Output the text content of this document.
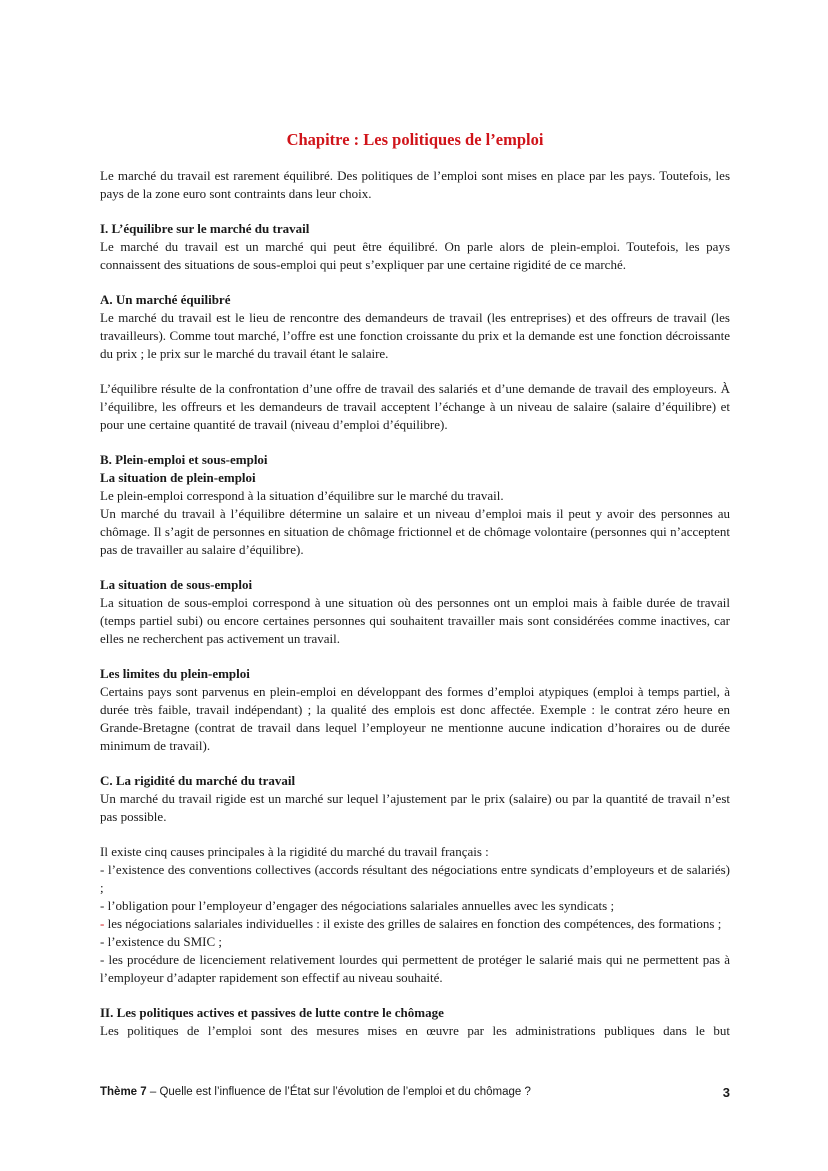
Chapitre : Les politiques de l’emploi

Le marché du travail est rarement équilibré. Des politiques de l’emploi sont mises en place par les pays. Toutefois, les pays de la zone euro sont contraints dans leur choix.

I. L’équilibre sur le marché du travail

Le marché du travail est un marché qui peut être équilibré. On parle alors de plein-emploi. Toutefois, les pays connaissent des situations de sous-emploi qui peut s’expliquer par une certaine rigidité de ce marché.

A. Un marché équilibré

Le marché du travail est le lieu de rencontre des demandeurs de travail (les entreprises) et des offreurs de travail (les travailleurs). Comme tout marché, l’offre est une fonction croissante du prix et la demande est une fonction décroissante du prix ; le prix sur le marché du travail étant le salaire.

L’équilibre résulte de la confrontation d’une offre de travail des salariés et d’une demande de travail des employeurs. À l’équilibre, les offreurs et les demandeurs de travail acceptent l’échange à un niveau de salaire (salaire d’équilibre) et pour une certaine quantité de travail (niveau d’emploi d’équilibre).

B. Plein-emploi et sous-emploi
La situation de plein-emploi

Le plein-emploi correspond à la situation d’équilibre sur le marché du travail.

Un marché du travail à l’équilibre détermine un salaire et un niveau d’emploi mais il peut y avoir des personnes au chômage. Il s’agit de personnes en situation de chômage frictionnel et de chômage volontaire (personnes qui n’acceptent pas de travailler au salaire d’équilibre).

La situation de sous-emploi

La situation de sous-emploi correspond à une situation où des personnes ont un emploi mais à faible durée de travail (temps partiel subi) ou encore certaines personnes qui souhaitent travailler mais sont considérées comme inactives, car elles ne recherchent pas activement un travail.

Les limites du plein-emploi

Certains pays sont parvenus en plein-emploi en développant des formes d’emploi atypiques (emploi à temps partiel, à durée très faible, travail indépendant) ; la qualité des emplois est donc affectée. Exemple : le contrat zéro heure en Grande-Bretagne (contrat de travail dans lequel l’employeur ne mentionne aucune indication d’horaires ou de durée minimum de travail).

C. La rigidité du marché du travail

Un marché du travail rigide est un marché sur lequel l’ajustement par le prix (salaire) ou par la quantité de travail n’est pas possible.

Il existe cinq causes principales à la rigidité du marché du travail français :

- l’existence des conventions collectives (accords résultant des négociations entre syndicats d’employeurs et de salariés) ;

- l’obligation pour l’employeur d’engager des négociations salariales annuelles avec les syndicats ;

- les négociations salariales individuelles : il existe des grilles de salaires en fonction des compétences, des formations ;

- l’existence du SMIC ;

- les procédure de licenciement relativement lourdes qui permettent de protéger le salarié mais qui ne permettent pas à l’employeur d’adapter rapidement son effectif au niveau souhaité.

II. Les politiques actives et passives de lutte contre le chômage

Les politiques de l’emploi sont des mesures mises en œuvre par les administrations publiques dans le but

Thème 7 – Quelle est l’influence de l’État sur l’évolution de l’emploi et du chômage ?	3
